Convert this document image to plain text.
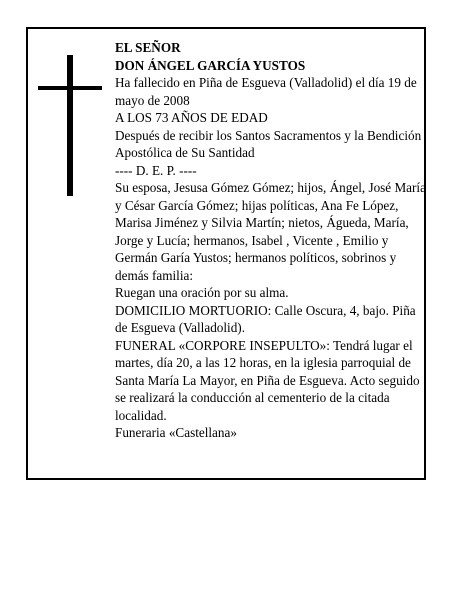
EL SEÑOR

DON ÁNGEL GARCÍA YUSTOS

Ha fallecido en Piña de Esgueva (Valladolid) el día 19 de mayo de 2008

A LOS 73 AÑOS DE EDAD

Después de recibir los Santos Sacramentos y la Bendición Apostólica de Su Santidad

---- D. E. P. ----

Su esposa, Jesusa Gómez Gómez; hijos, Ángel, José María y César García Gómez; hijas políticas, Ana Fe López, Marisa Jiménez y Silvia Martín; nietos, Águeda, María, Jorge y Lucía; hermanos, Isabel , Vicente , Emilio y Germán Garía Yustos; hermanos políticos, sobrinos y demás familia:

Ruegan una oración por su alma.

DOMICILIO MORTUORIO: Calle Oscura, 4, bajo. Piña de Esgueva (Valladolid).

FUNERAL «CORPORE INSEPULTO»: Tendrá lugar el martes, día 20, a las 12 horas, en la iglesia parroquial de Santa María La Mayor, en Piña de Esgueva. Acto seguido se realizará la conducción al cementerio de la citada localidad.

Funeraria «Castellana»
